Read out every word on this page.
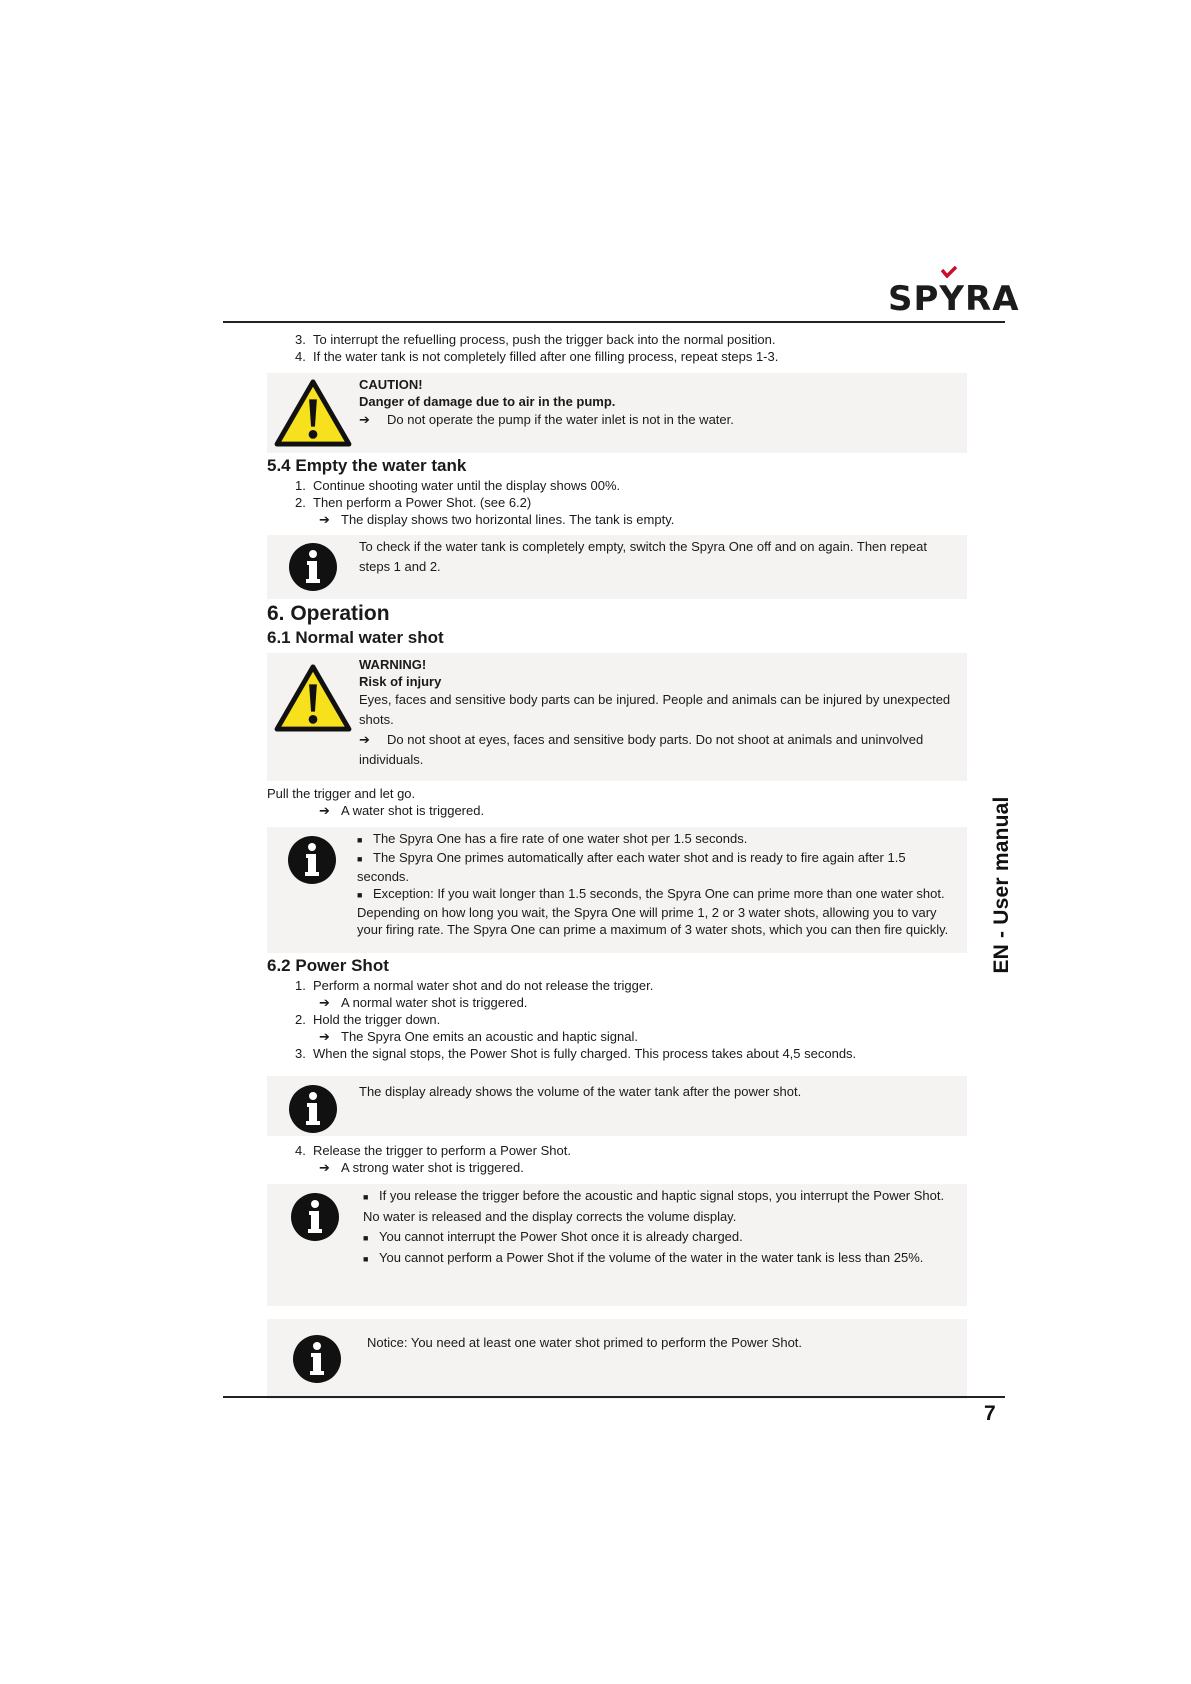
SPYRA
3. To interrupt the refuelling process, push the trigger back into the normal position.
4. If the water tank is not completely filled after one filling process, repeat steps 1-3.
CAUTION!
Danger of damage due to air in the pump.
➔	Do not operate the pump if the water inlet is not in the water.
5.4 Empty the water tank
1. Continue shooting water until the display shows 00%.
2. Then perform a Power Shot. (see 6.2)
➔ The display shows two horizontal lines. The tank is empty.
To check if the water tank is completely empty, switch the Spyra One off and on again. Then repeat steps 1 and 2.
6. Operation
6.1 Normal water shot
WARNING!
Risk of injury
Eyes, faces and sensitive body parts can be injured. People and animals can be injured by unexpected shots.
➔ Do not shoot at eyes, faces and sensitive body parts. Do not shoot at animals and uninvolved individuals.
Pull the trigger and let go.
➔ A water shot is triggered.
■ The Spyra One has a fire rate of one water shot per 1.5 seconds.
■ The Spyra One primes automatically after each water shot and is ready to fire again after 1.5 seconds.
■ Exception: If you wait longer than 1.5 seconds, the Spyra One can prime more than one water shot. Depending on how long you wait, the Spyra One will prime 1, 2 or 3 water shots, allowing you to vary your firing rate. The Spyra One can prime a maximum of 3 water shots, which you can then fire quickly.
6.2 Power Shot
1. Perform a normal water shot and do not release the trigger.
➔ A normal water shot is triggered.
2. Hold the trigger down.
➔ The Spyra One emits an acoustic and haptic signal.
3. When the signal stops, the Power Shot is fully charged. This process takes about 4,5 seconds.
The display already shows the volume of the water tank after the power shot.
4. Release the trigger to perform a Power Shot.
➔ A strong water shot is triggered.
■ If you release the trigger before the acoustic and haptic signal stops, you interrupt the Power Shot. No water is released and the display corrects the volume display.
■ You cannot interrupt the Power Shot once it is already charged.
■ You cannot perform a Power Shot if the volume of the water in the water tank is less than 25%.
Notice: You need at least one water shot primed to perform the Power Shot.
EN - User manual
7
